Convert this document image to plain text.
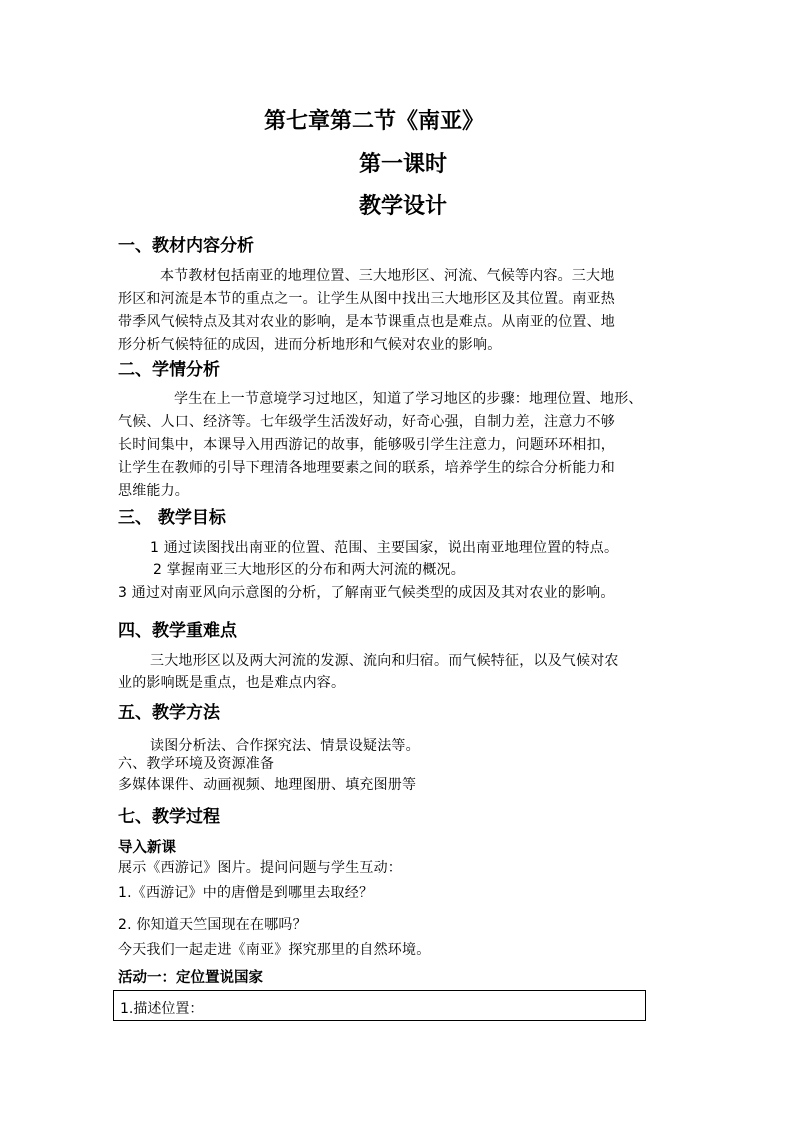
第七章第二节《南亚》
第一课时
教学设计
一、教材内容分析
本节教材包括南亚的地理位置、三大地形区、河流、气候等内容。三大地
形区和河流是本节的重点之一。让学生从图中找出三大地形区及其位置。南亚热
带季风气候特点及其对农业的影响，是本节课重点也是难点。从南亚的位置、地
形分析气候特征的成因，进而分析地形和气候对农业的影响。
二、学情分析
学生在上一节意境学习过地区，知道了学习地区的步骤：地理位置、地形、
气候、人口、经济等。七年级学生活泼好动，好奇心强，自制力差，注意力不够
长时间集中，本课导入用西游记的故事，能够吸引学生注意力，问题环环相扣，
让学生在教师的引导下理清各地理要素之间的联系，培养学生的综合分析能力和
思维能力。
三、 教学目标
1 通过读图找出南亚的位置、范围、主要国家，说出南亚地理位置的特点。
2 掌握南亚三大地形区的分布和两大河流的概况。
3 通过对南亚风向示意图的分析，了解南亚气候类型的成因及其对农业的影响。
四、教学重难点
三大地形区以及两大河流的发源、流向和归宿。而气候特征，以及气候对农
业的影响既是重点，也是难点内容。
五、教学方法
读图分析法、合作探究法、情景设疑法等。
六、教学环境及资源准备
多媒体课件、动画视频、地理图册、填充图册等
七、教学过程
导入新课
展示《西游记》图片。提问问题与学生互动：
1.《西游记》中的唐僧是到哪里去取经？
2. 你知道天竺国现在在哪吗？
今天我们一起走进《南亚》探究那里的自然环境。
活动一：定位置说国家
1.描述位置：
